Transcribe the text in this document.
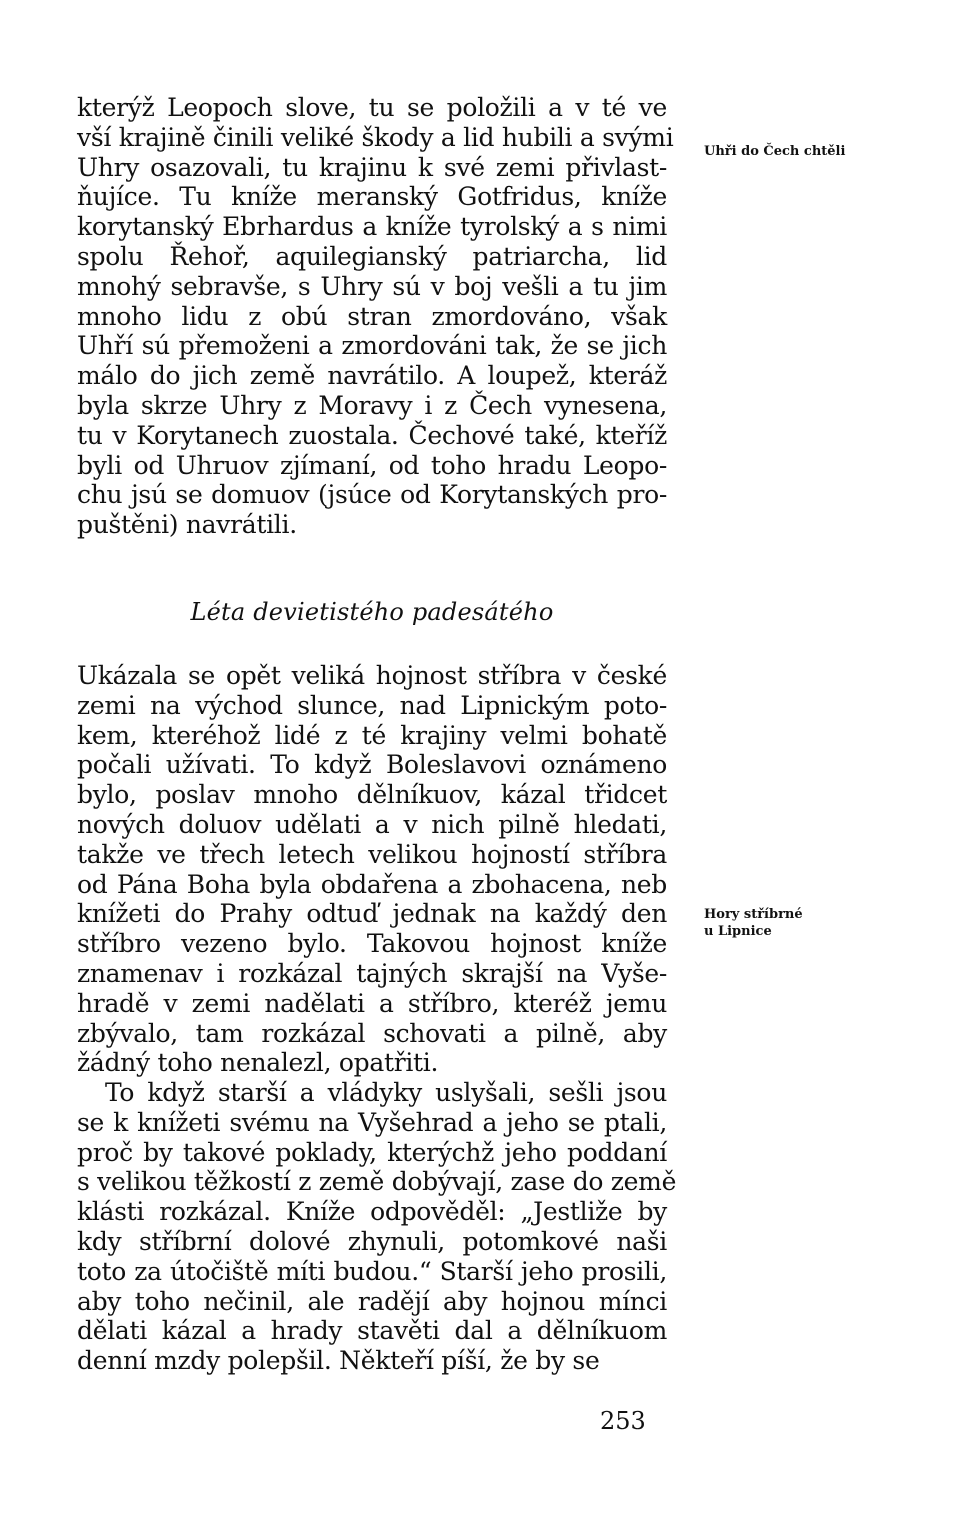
kterýž Leopoch slove, tu se položili a v té ve
vší krajině činili veliké škody a lid hubili a svými
Uhry osazovali, tu krajinu k své zemi přivlast-
ňujíce. Tu kníže meranský Gotfridus, kníže
korytanský Ebrhardus a kníže tyrolský a s nimi
spolu Řehoř, aquilegianský patriarcha, lid
mnohý sebravše, s Uhry sú v boj vešli a tu jim
mnoho lidu z obú stran zmordováno, však
Uhří sú přemoženi a zmordováni tak, že se jich
málo do jich země navrátilo. A loupež, kteráž
byla skrze Uhry z Moravy i z Čech vynesena,
tu v Korytanech zuostala. Čechové také, kteříž
byli od Uhruov zjímaní, od toho hradu Leopo-
chu jsú se domuov (jsúce od Korytanských pro-
puštěni) navrátili.
Léta devietistého padesátého
Ukázala se opět veliká hojnost stříbra v české
zemi na východ slunce, nad Lipnickým poto-
kem, kteréhož lidé z té krajiny velmi bohatě
počali užívati. To když Boleslavovi oznámeno
bylo, poslav mnoho dělníkuov, kázal třidcet
nových doluov udělati a v nich pilně hledati,
takže ve třech letech velikou hojností stříbra
od Pána Boha byla obdařena a zbohacena, neb
knížeti do Prahy odtuď jednak na každý den
stříbro vezeno bylo. Takovou hojnost kníže
znamenav i rozkázal tajných skrajší na Vyše-
hradě v zemi nadělati a stříbro, kteréž jemu
zbývalo, tam rozkázal schovati a pilně, aby
žádný toho nenalezl, opatřiti.
To když starší a vládyky uslyšali, sešli jsou
se k knížeti svému na Vyšehrad a jeho se ptali,
proč by takové poklady, kterýchž jeho poddaní
s velikou těžkostí z země dobývají, zase do země
klásti rozkázal. Kníže odpověděl: „Jestliže by
kdy stříbrní dolové zhynuli, potomkové naši
toto za útočiště míti budou.“ Starší jeho prosili,
aby toho nečinil, ale radějí aby hojnou mínci
dělati kázal a hrady stavěti dal a dělníkuom
denní mzdy polepšil. Někteří píší, že by se
Uhři do Čech chtěli
Hory stříbrné
u Lipnice
253
